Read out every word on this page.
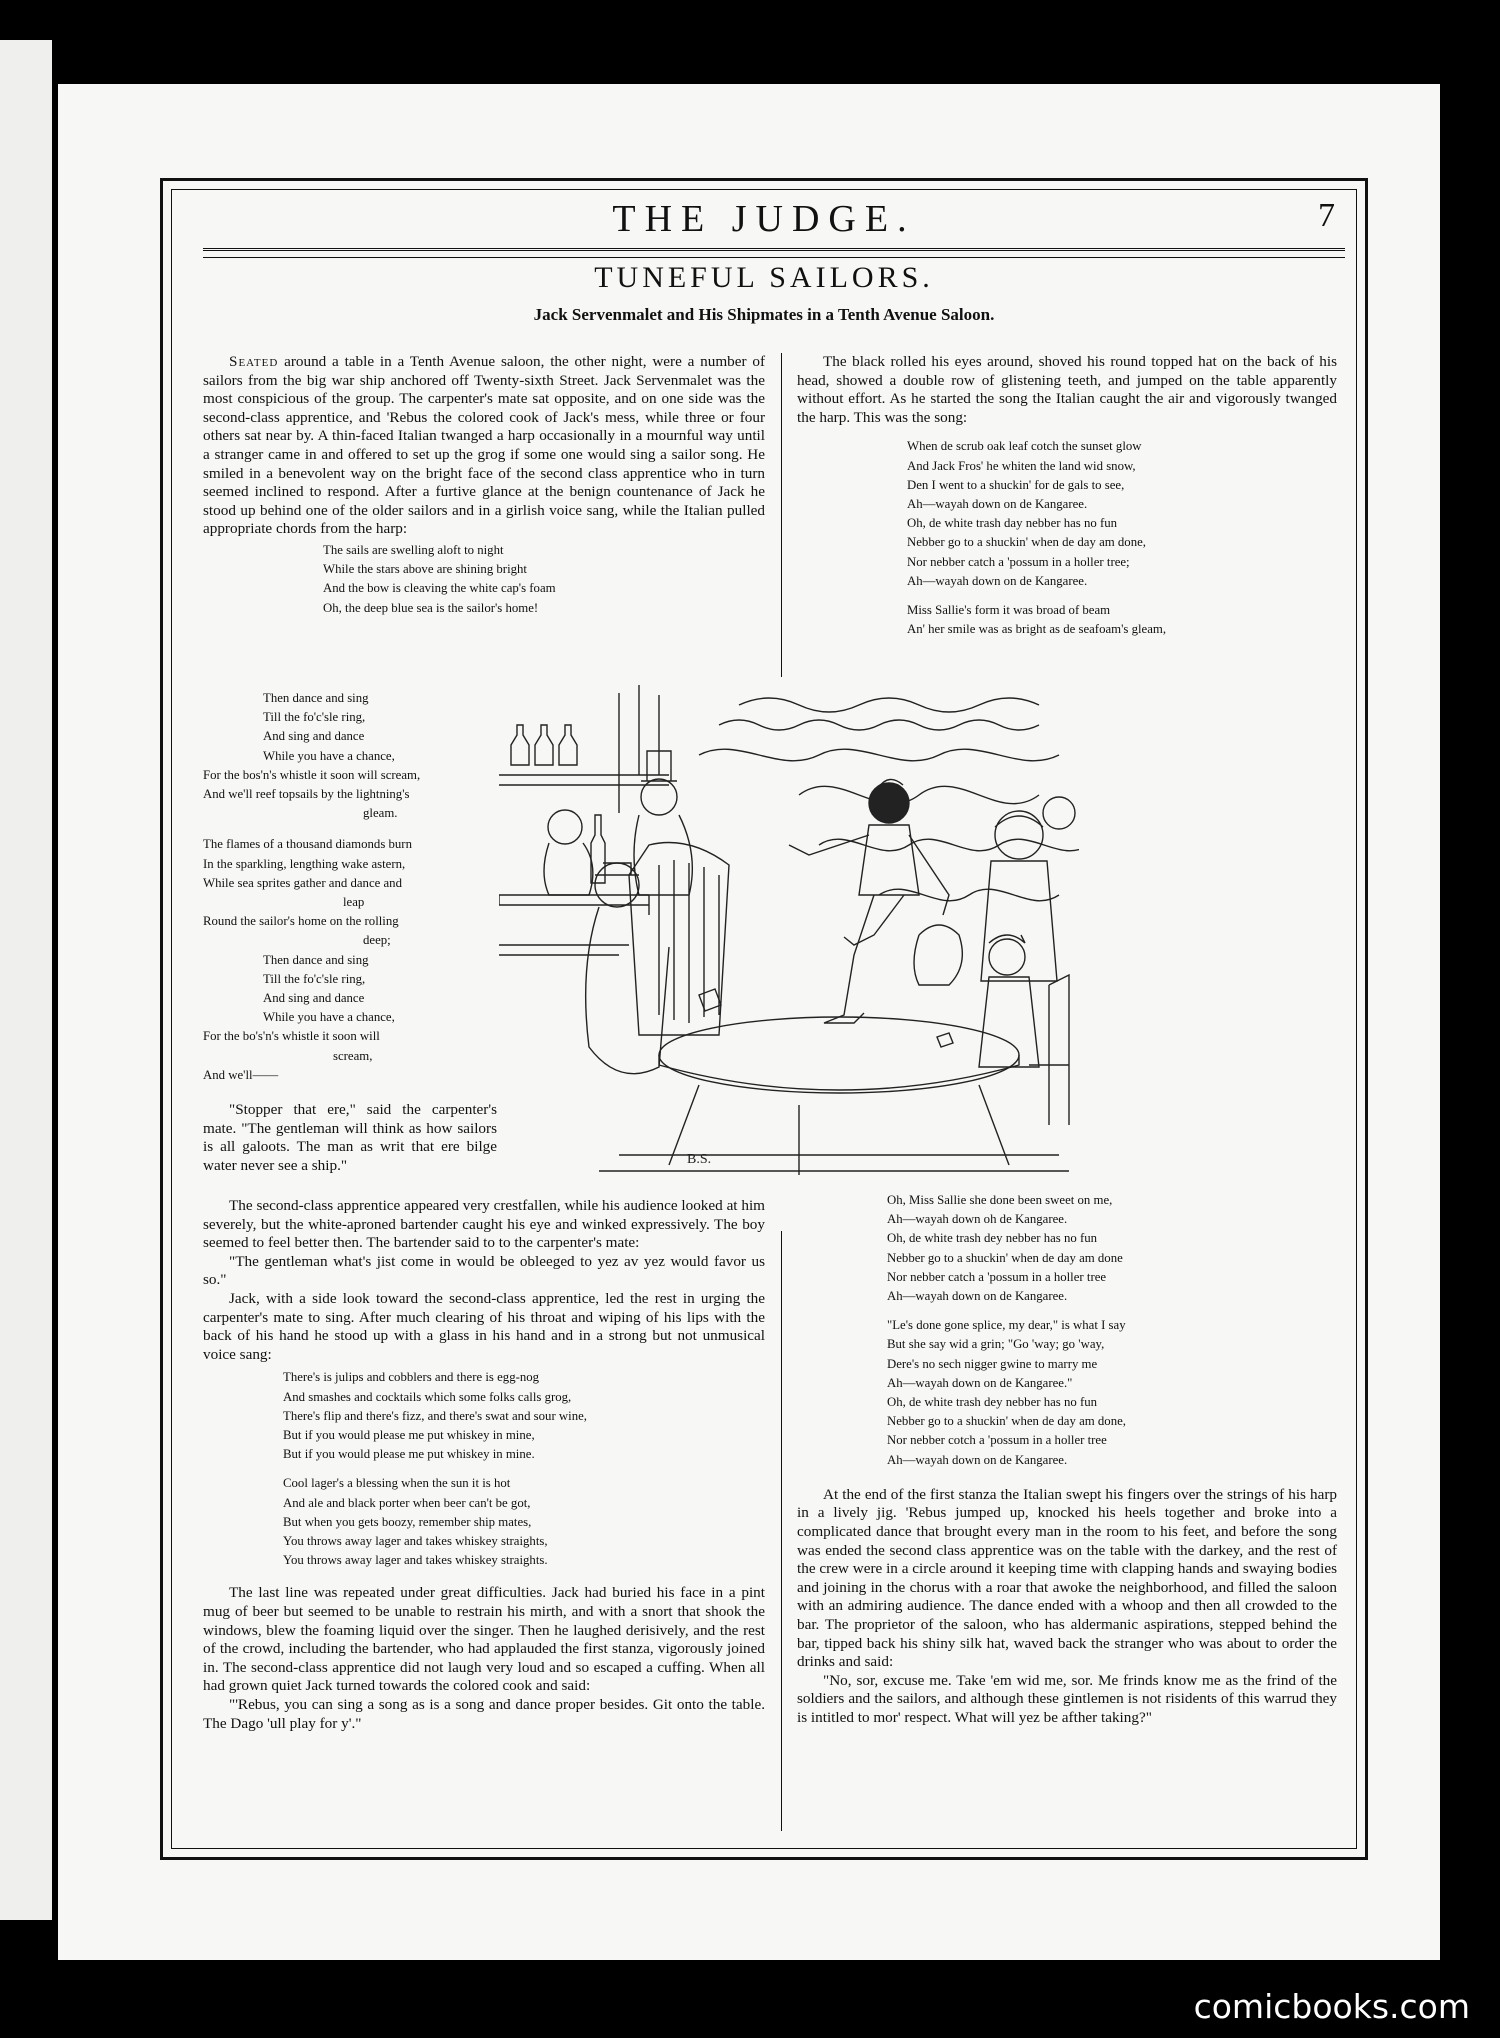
THE JUDGE.	7
TUNEFUL SAILORS.
Jack Servenmalet and His Shipmates in a Tenth Avenue Saloon.

Seated around a table in a Tenth Avenue saloon, the other night, were a number of sailors from the big war ship anchored off Twenty-sixth Street. Jack Servenmalet was the most conspicious of the group. The carpenter's mate sat opposite, and on one side was the second-class apprentice, and 'Rebus the colored cook of Jack's mess, while three or four others sat near by. A thin-faced Italian twanged a harp occasionally in a mournful way until a stranger came in and offered to set up the grog if some one would sing a sailor song. He smiled in a benevolent way on the bright face of the second class apprentice who in turn seemed inclined to respond. After a furtive glance at the benign countenance of Jack he stood up behind one of the older sailors and in a girlish voice sang, while the Italian pulled appropriate chords from the harp:

The sails are swelling aloft to night
While the stars above are shining bright
And the bow is cleaving the white cap's foam
Oh, the deep blue sea is the sailor's home!
Then dance and sing
Till the fo'c'sle ring,
And sing and dance
While you have a chance,
For the bos'n's whistle it soon will scream,
And we'll reef topsails by the lightning's
gleam.
The flames of a thousand diamonds burn
In the sparkling, lengthing wake astern,
While sea sprites gather and dance and
leap
Round the sailor's home on the rolling
deep;
Then dance and sing
Till the fo'c'sle ring,
And sing and dance
While you have a chance,
For the bo's'n's whistle it soon will
scream,
And we'll——

"Stopper that ere," said the carpenter's mate. "The gentleman will think as how sailors is all galoots. The man as writ that ere bilge water never see a ship."

The second-class apprentice appeared very crestfallen, while his audience looked at him severely, but the white-aproned bartender caught his eye and winked expressively. The boy seemed to feel better then. The bartender said to to the carpenter's mate:

"The gentleman what's jist come in would be obleeged to yez av yez would favor us so."

Jack, with a side look toward the second-class apprentice, led the rest in urging the carpenter's mate to sing. After much clearing of his throat and wiping of his lips with the back of his hand he stood up with a glass in his hand and in a strong but not unmusical voice sang:

There's is julips and cobblers and there is egg-nog
And smashes and cocktails which some folks calls grog,
There's flip and there's fizz, and there's swat and sour wine,
But if you would please me put whiskey in mine,
But if you would please me put whiskey in mine.
Cool lager's a blessing when the sun it is hot
And ale and black porter when beer can't be got,
But when you gets boozy, remember ship mates,
You throws away lager and takes whiskey straights,
You throws away lager and takes whiskey straights.

The last line was repeated under great difficulties. Jack had buried his face in a pint mug of beer but seemed to be unable to restrain his mirth, and with a snort that shook the windows, blew the foaming liquid over the singer. Then he laughed derisively, and the rest of the crowd, including the bartender, who had applauded the first stanza, vigorously joined in. The second-class apprentice did not laugh very loud and so escaped a cuffing. When all had grown quiet Jack turned towards the colored cook and said:

"'Rebus, you can sing a song as is a song and dance proper besides. Git onto the table. The Dago 'ull play for y'."

The black rolled his eyes around, shoved his round topped hat on the back of his head, showed a double row of glistening teeth, and jumped on the table apparently without effort. As he started the song the Italian caught the air and vigorously twanged the harp. This was the song:

When de scrub oak leaf cotch the sunset glow
And Jack Fros' he whiten the land wid snow,
Den I went to a shuckin' for de gals to see,
Ah—wayah down on de Kangaree.
Oh, de white trash day nebber has no fun
Nebber go to a shuckin' when de day am done,
Nor nebber catch a 'possum in a holler tree;
Ah—wayah down on de Kangaree.
Miss Sallie's form it was broad of beam
An' her smile was as bright as de seafoam's gleam,
B.S.
Oh, Miss Sallie she done been sweet on me,
Ah—wayah down oh de Kangaree.
Oh, de white trash dey nebber has no fun
Nebber go to a shuckin' when de day am done
Nor nebber catch a 'possum in a holler tree
Ah—wayah down on de Kangaree.
"Le's done gone splice, my dear," is what I say
But she say wid a grin; "Go 'way; go 'way,
Dere's no sech nigger gwine to marry me
Ah—wayah down on de Kangaree."
Oh, de white trash dey nebber has no fun
Nebber go to a shuckin' when de day am done,
Nor nebber cotch a 'possum in a holler tree
Ah—wayah down on de Kangaree.

At the end of the first stanza the Italian swept his fingers over the strings of his harp in a lively jig. 'Rebus jumped up, knocked his heels together and broke into a complicated dance that brought every man in the room to his feet, and before the song was ended the second class apprentice was on the table with the darkey, and the rest of the crew were in a circle around it keeping time with clapping hands and swaying bodies and joining in the chorus with a roar that awoke the neighborhood, and filled the saloon with an admiring audience. The dance ended with a whoop and then all crowded to the bar. The proprietor of the saloon, who has aldermanic aspirations, stepped behind the bar, tipped back his shiny silk hat, waved back the stranger who was about to order the drinks and said:

"No, sor, excuse me. Take 'em wid me, sor. Me frinds know me as the frind of the soldiers and the sailors, and although these gintlemen is not risidents of this warrud they is intitled to mor' respect. What will yez be afther taking?"

comicbooks.com
